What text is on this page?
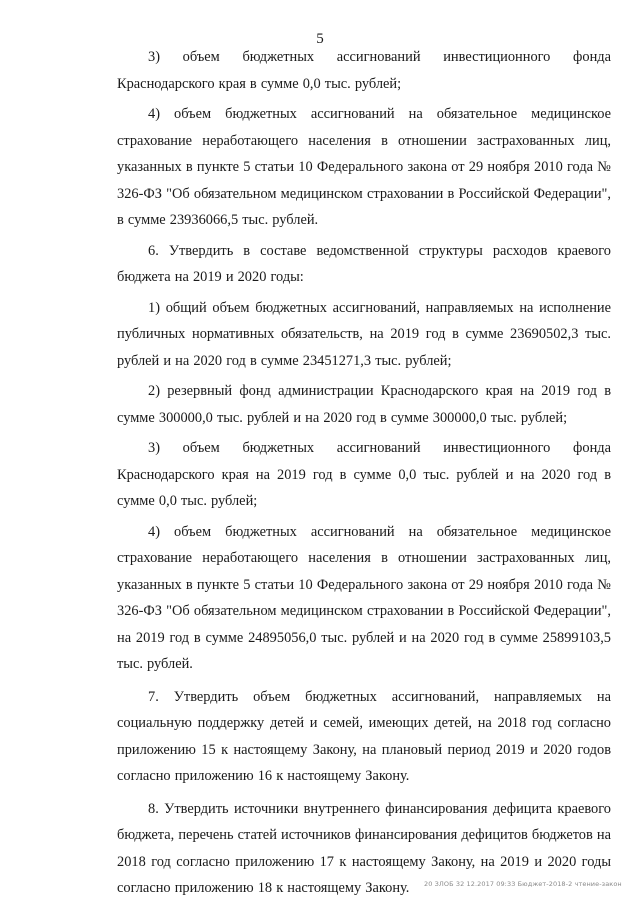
5

3) объем бюджетных ассигнований инвестиционного фонда Краснодарского края в сумме 0,0 тыс. рублей;

4) объем бюджетных ассигнований на обязательное медицинское страхование неработающего населения в отношении застрахованных лиц, указанных в пункте 5 статьи 10 Федерального закона от 29 ноября 2010 года № 326-ФЗ "Об обязательном медицинском страховании в Российской Федерации", в сумме 23936066,5 тыс. рублей.

6. Утвердить в составе ведомственной структуры расходов краевого бюджета на 2019 и 2020 годы:

1) общий объем бюджетных ассигнований, направляемых на исполнение публичных нормативных обязательств, на 2019 год в сумме 23690502,3 тыс. рублей и на 2020 год в сумме 23451271,3 тыс. рублей;

2) резервный фонд администрации Краснодарского края на 2019 год в сумме 300000,0 тыс. рублей и на 2020 год в сумме 300000,0 тыс. рублей;

3) объем бюджетных ассигнований инвестиционного фонда Краснодарского края на 2019 год в сумме 0,0 тыс. рублей и на 2020 год в сумме 0,0 тыс. рублей;

4) объем бюджетных ассигнований на обязательное медицинское страхование неработающего населения в отношении застрахованных лиц, указанных в пункте 5 статьи 10 Федерального закона от 29 ноября 2010 года № 326-ФЗ "Об обязательном медицинском страховании в Российской Федерации", на 2019 год в сумме 24895056,0 тыс. рублей и на 2020 год в сумме 25899103,5 тыс. рублей.

7. Утвердить объем бюджетных ассигнований, направляемых на социальную поддержку детей и семей, имеющих детей, на 2018 год согласно приложению 15 к настоящему Закону, на плановый период 2019 и 2020 годов согласно приложению 16 к настоящему Закону.

8. Утвердить источники внутреннего финансирования дефицита краевого бюджета, перечень статей источников финансирования дефицитов бюджетов на 2018 год согласно приложению 17 к настоящему Закону, на 2019 и 2020 годы согласно приложению 18 к настоящему Закону.	20 ЗЛОБ 32 12.2017 09:33 Бюджет-2018-2 чтение-закон
